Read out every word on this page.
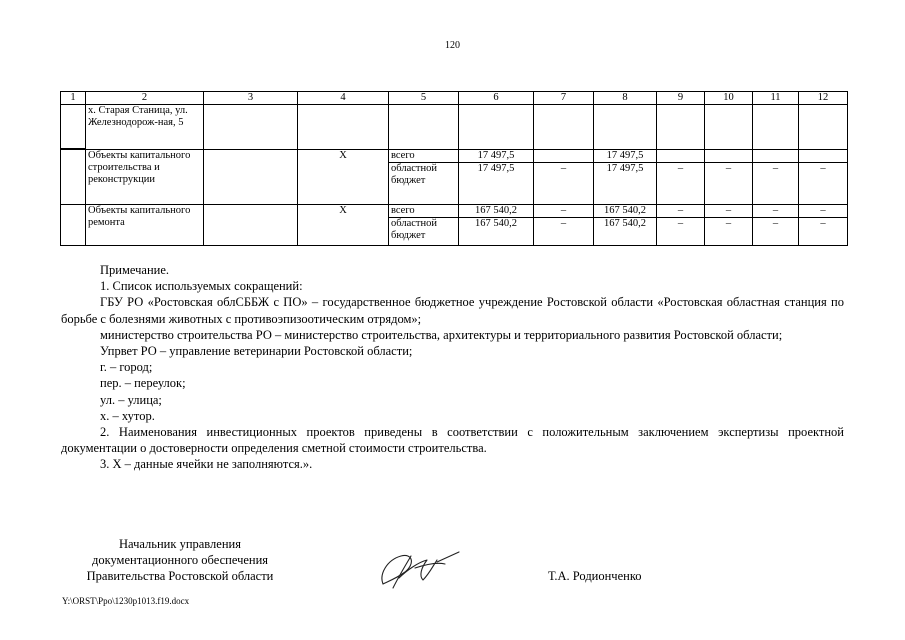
120
1	2	3	4	5	6	7	8	9	10	11	12
	х. Старая Станица, ул. Железнодорож-ная, 5										

	Объекты капитального строительства и реконструкции		Х	всего	17 497,5		17 497,5				
				областной бюджет	17 497,5	–	17 497,5	–	–	–	–
	Объекты капитального ремонта		Х	всего	167 540,2	–	167 540,2	–	–	–	–
				областной бюджет	167 540,2	–	167 540,2	–	–	–	–

Примечание.

1. Список используемых сокращений:

ГБУ РО «Ростовская облСББЖ с ПО» – государственное бюджетное учреждение Ростовской области «Ростовская областная станция по борьбе с болезнями животных с противоэпизоотическим отрядом»;

министерство строительства РО – министерство строительства, архитектуры и территориального развития Ростовской области;

Упрвет РО – управление ветеринарии Ростовской области;

г. – город;

пер. – переулок;

ул. – улица;

х. – хутор.

2. Наименования инвестиционных проектов приведены в соответствии с положительным заключением экспертизы проектной документации о достоверности определения сметной стоимости строительства.

3. Х – данные ячейки не заполняются.».

Начальник управления
документационного обеспечения
Правительства Ростовской области	Т.А. Родионченко
Y:\ORST\Ppo\1230p1013.f19.docx
